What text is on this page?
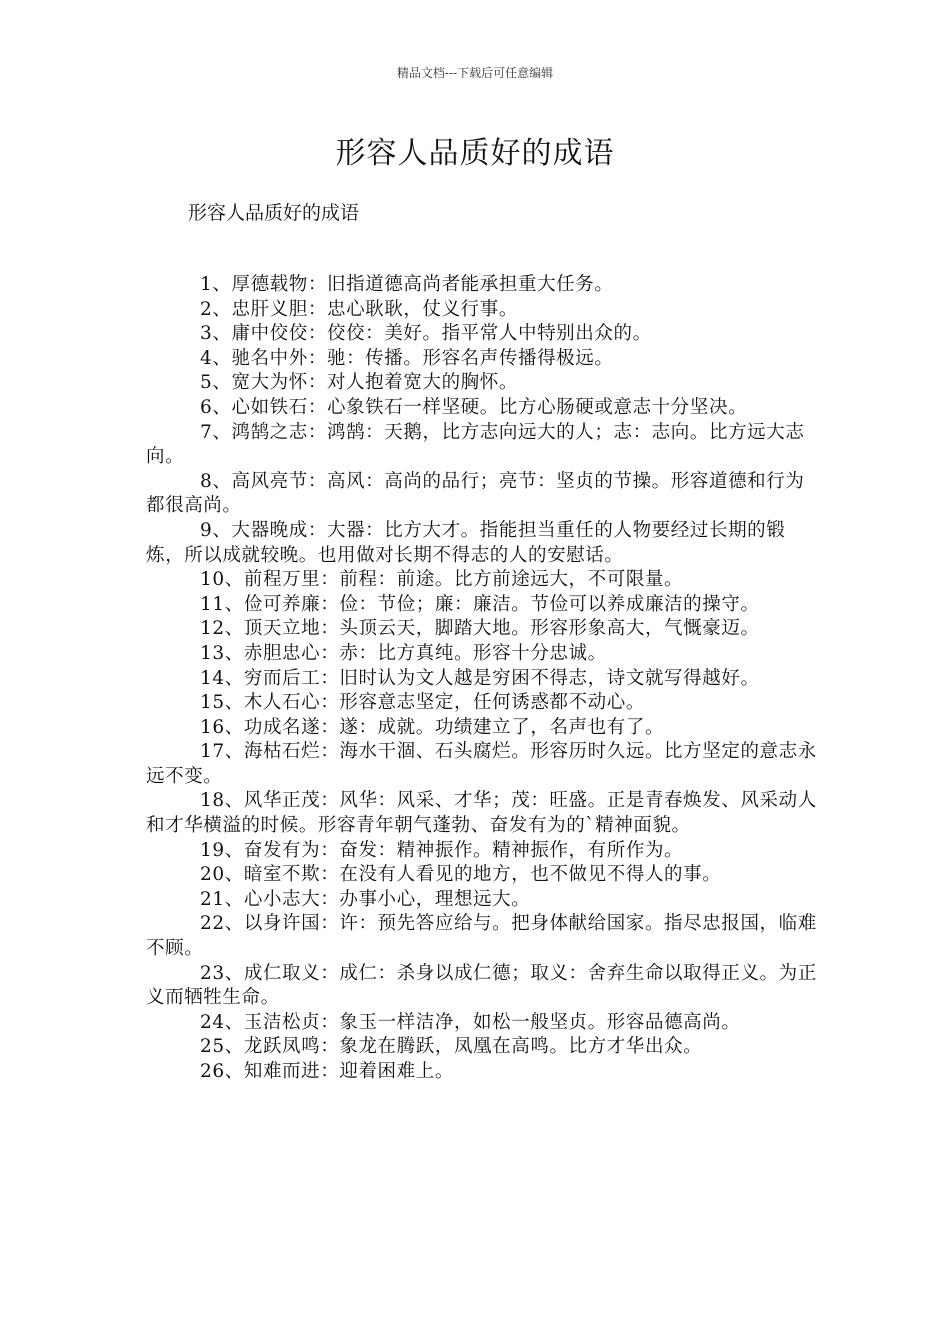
精品文档---下载后可任意编辑
形容人品质好的成语

形容人品质好的成语

1、厚德载物：旧指道德高尚者能承担重大任务。
2、忠肝义胆：忠心耿耿，仗义行事。
3、庸中佼佼：佼佼：美好。指平常人中特别出众的。
4、驰名中外：驰：传播。形容名声传播得极远。
5、宽大为怀：对人抱着宽大的胸怀。
6、心如铁石：心象铁石一样坚硬。比方心肠硬或意志十分坚决。
7、鸿鹄之志：鸿鹄：天鹅，比方志向远大的人；志：志向。比方远大志向。
8、高风亮节：高风：高尚的品行；亮节：坚贞的节操。形容道德和行为都很高尚。
9、大器晚成：大器：比方大才。指能担当重任的人物要经过长期的锻炼，所以成就较晚。也用做对长期不得志的人的安慰话。
10、前程万里：前程：前途。比方前途远大，不可限量。
11、俭可养廉：俭：节俭；廉：廉洁。节俭可以养成廉洁的操守。
12、顶天立地：头顶云天，脚踏大地。形容形象高大，气慨豪迈。
13、赤胆忠心：赤：比方真纯。形容十分忠诚。
14、穷而后工：旧时认为文人越是穷困不得志，诗文就写得越好。
15、木人石心：形容意志坚定，任何诱惑都不动心。
16、功成名遂：遂：成就。功绩建立了，名声也有了。
17、海枯石烂：海水干涸、石头腐烂。形容历时久远。比方坚定的意志永远不变。
18、风华正茂：风华：风采、才华；茂：旺盛。正是青春焕发、风采动人和才华横溢的时候。形容青年朝气蓬勃、奋发有为的`精神面貌。
19、奋发有为：奋发：精神振作。精神振作，有所作为。
20、暗室不欺：在没有人看见的地方，也不做见不得人的事。
21、心小志大：办事小心，理想远大。
22、以身许国：许：预先答应给与。把身体献给国家。指尽忠报国，临难不顾。
23、成仁取义：成仁：杀身以成仁德；取义：舍弃生命以取得正义。为正义而牺牲生命。
24、玉洁松贞：象玉一样洁净，如松一般坚贞。形容品德高尚。
25、龙跃凤鸣：象龙在腾跃，凤凰在高鸣。比方才华出众。
26、知难而进：迎着困难上。
